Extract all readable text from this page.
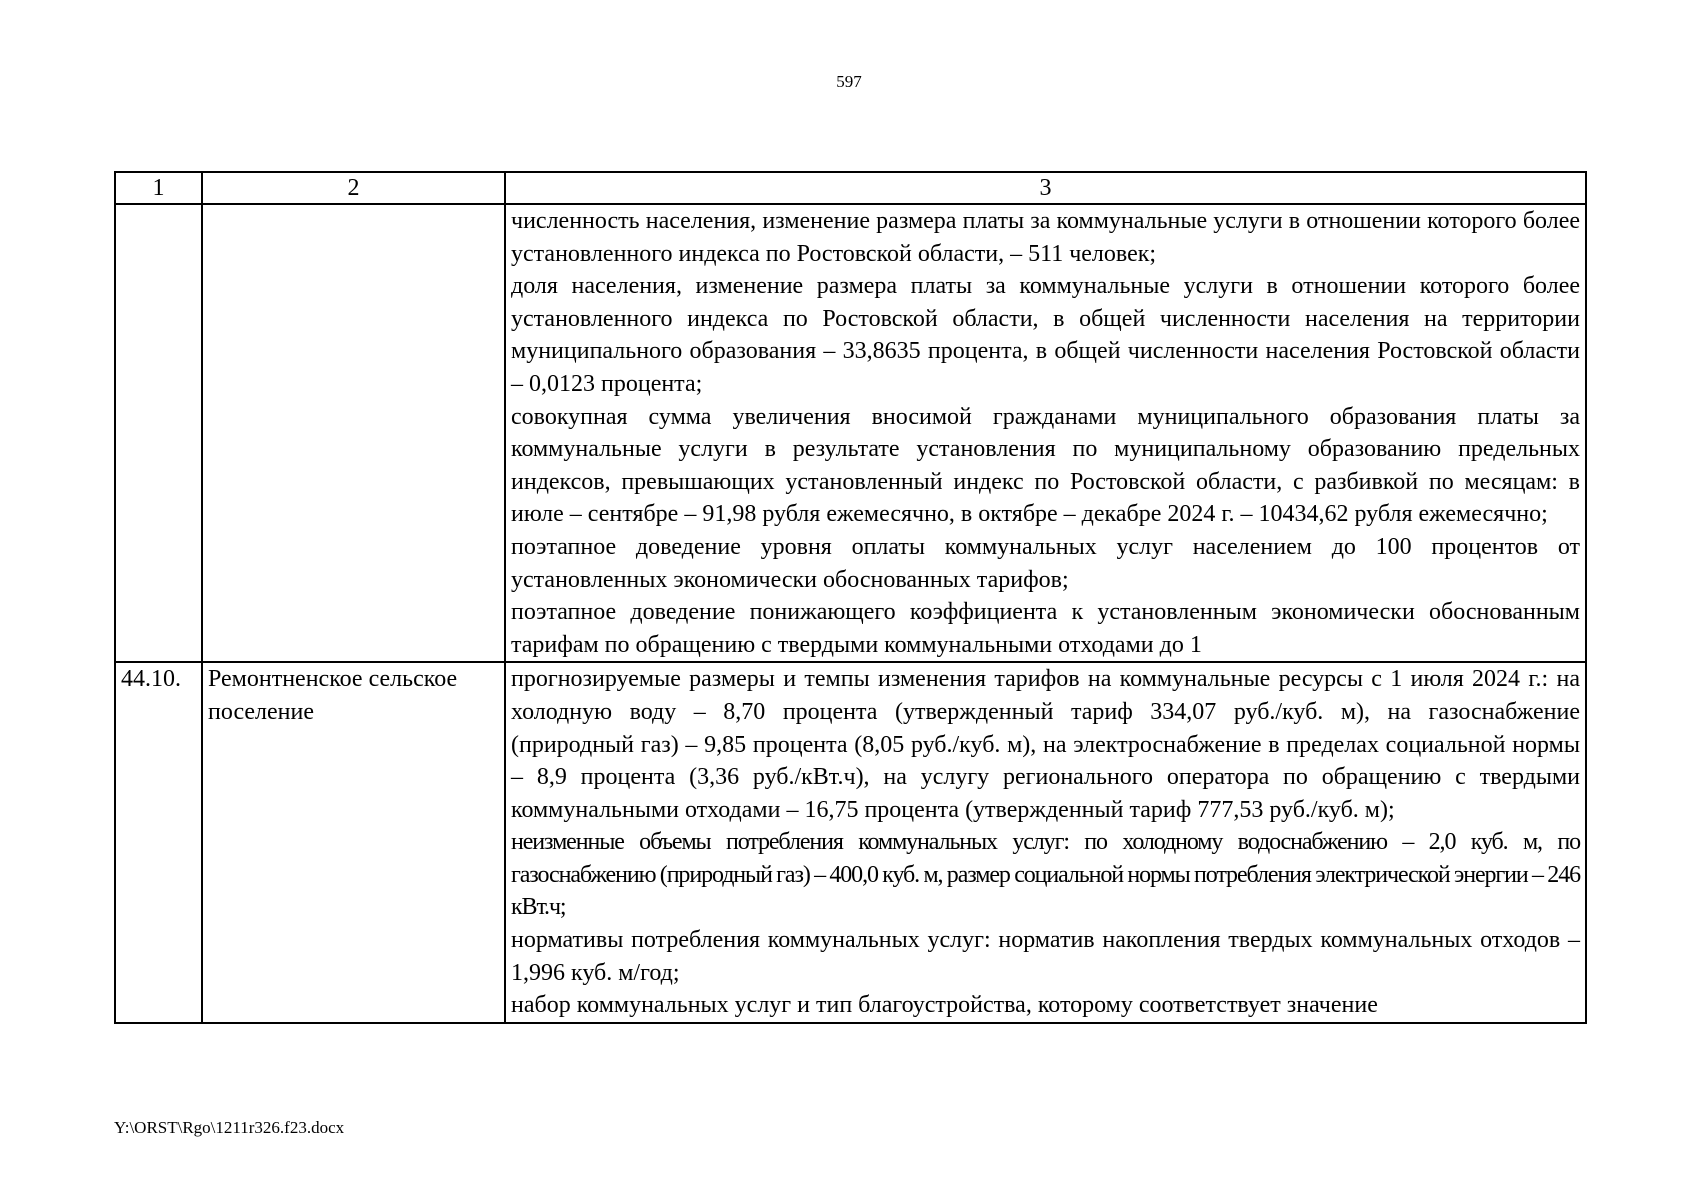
597
1	2	3

		численность населения, изменение размера платы за коммунальные услуги в отношении которого более установленного индекса по Ростовской области, – 511 человек;
доля населения, изменение размера платы за коммунальные услуги в отношении которого более установленного индекса по Ростовской области, в общей численности населения на территории муниципального образования – 33,8635 процента, в общей численности населения Ростовской области – 0,0123 процента;
совокупная сумма увеличения вносимой гражданами муниципального образования платы за коммунальные услуги в результате установления по муниципальному образованию предельных индексов, превышающих установленный индекс по Ростовской области, с разбивкой по месяцам: в июле – сентябре – 91,98 рубля ежемесячно, в октябре – декабре 2024 г. – 10434,62 рубля ежемесячно;
поэтапное доведение уровня оплаты коммунальных услуг населением до 100 процентов от установленных экономически обоснованных тарифов;
поэтапное доведение понижающего коэффициента к установленным экономически обоснованным тарифам по обращению с твердыми коммунальными отходами до 1

44.10.	Ремонтненское сельское поселение	прогнозируемые размеры и темпы изменения тарифов на коммунальные ресурсы с 1 июля 2024 г.: на холодную воду – 8,70 процента (утвержденный тариф 334,07 руб./куб. м), на газоснабжение (природный газ) – 9,85 процента (8,05 руб./куб. м), на электроснабжение в пределах социальной нормы – 8,9 процента (3,36 руб./кВт.ч), на услугу регионального оператора по обращению с твердыми коммунальными отходами – 16,75 процента (утвержденный тариф 777,53 руб./куб. м);
неизменные объемы потребления коммунальных услуг: по холодному водоснабжению – 2,0 куб. м, по газоснабжению (природный газ) – 400,0 куб. м, размер социальной нормы потребления электрической энергии – 246 кВт.ч;
нормативы потребления коммунальных услуг: норматив накопления твердых коммунальных отходов – 1,996 куб. м/год;
набор коммунальных услуг и тип благоустройства, которому соответствует значение
Y:\ORST\Rgo\1211r326.f23.docx
